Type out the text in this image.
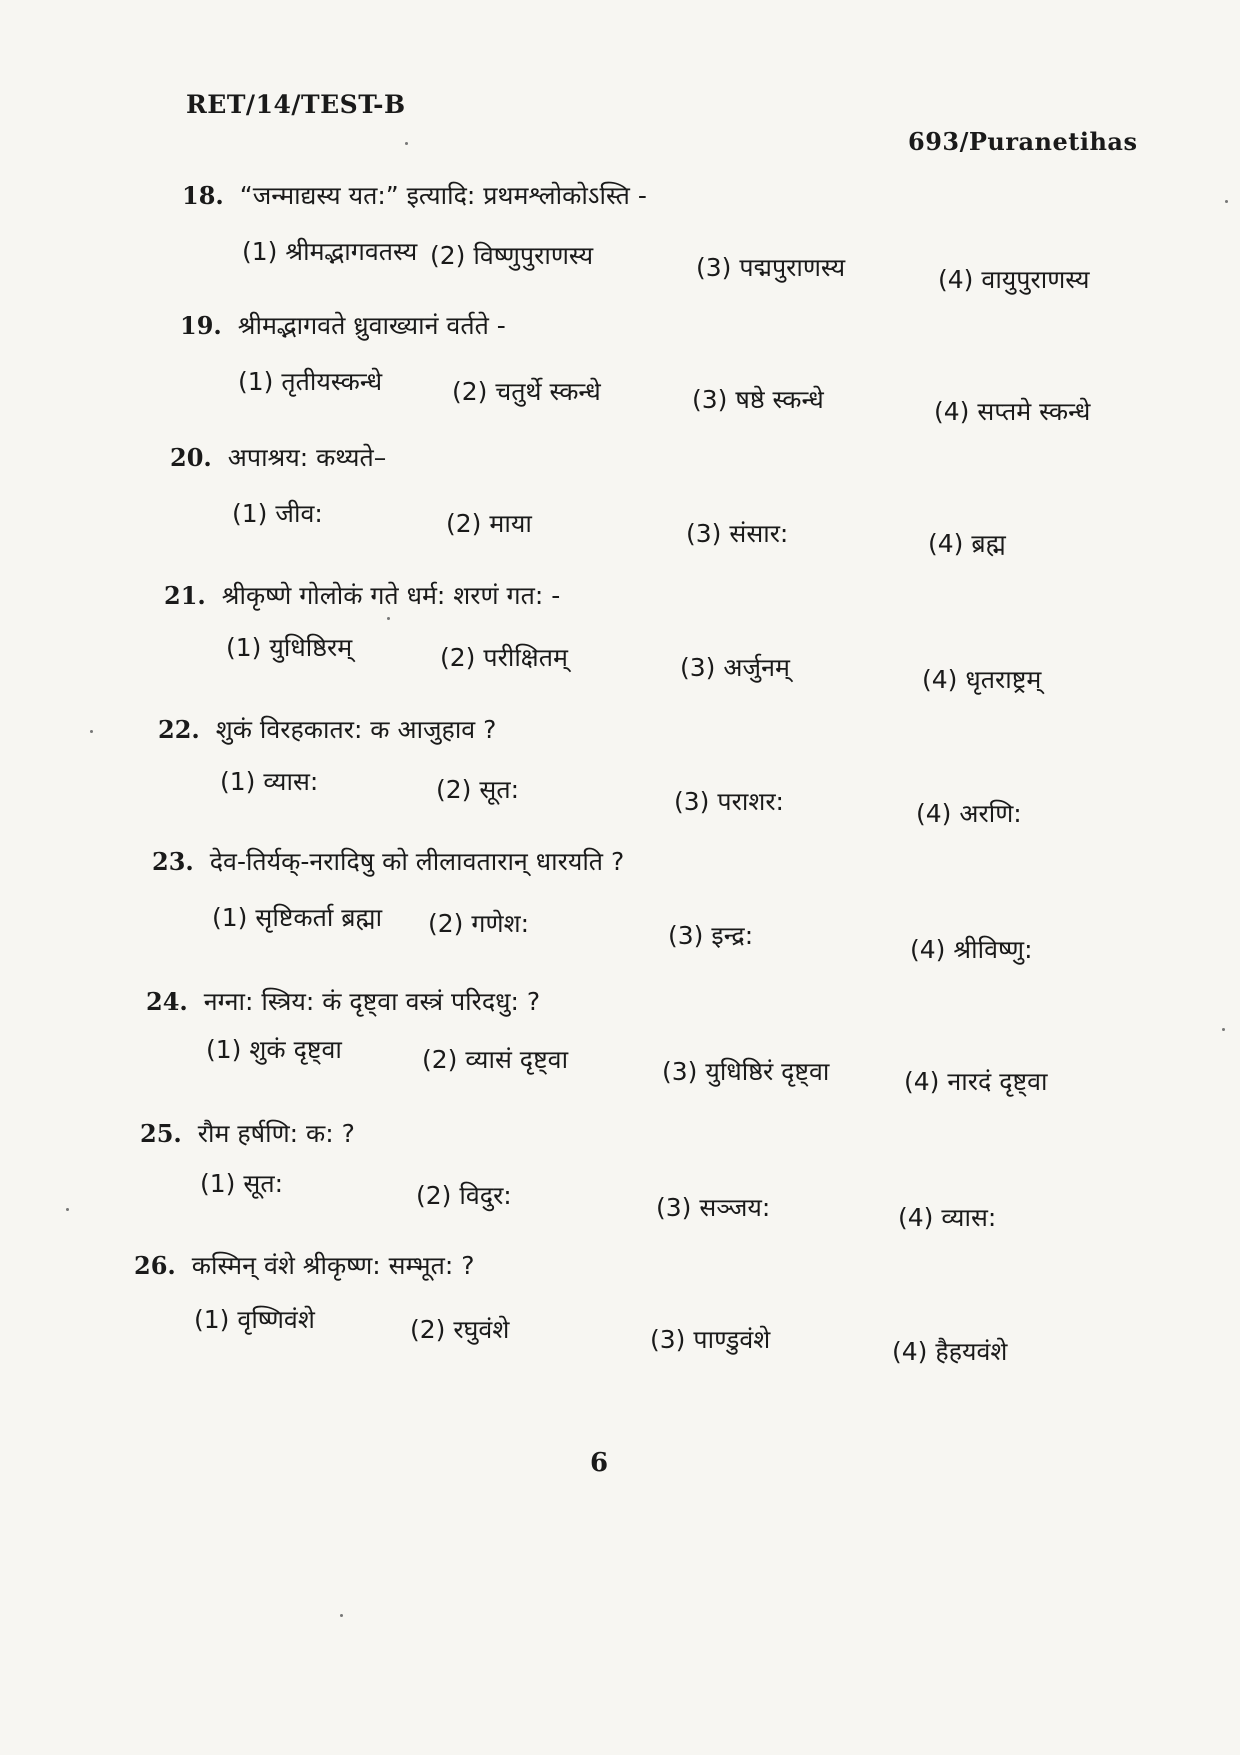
RET/14/TEST-B
693/Puranetihas
18. “जन्माद्यस्य यत:” इत्यादि: प्रथमश्लोकोऽस्ति -
(1) श्रीमद्भागवतस्य (2) विष्णुपुराणस्य	(3) पद्मपुराणस्य	(4) वायुपुराणस्य
19. श्रीमद्भागवते ध्रुवाख्यानं वर्तते -
(1) तृतीयस्कन्धे	(2) चतुर्थे स्कन्धे	(3) षष्ठे स्कन्धे	(4) सप्तमे स्कन्धे
20. अपाश्रय: कथ्यते–
(1) जीव:	(2) माया	(3) संसार:	(4) ब्रह्म
21. श्रीकृष्णे गोलोकं गते धर्म: शरणं गत: -
(1) युधिष्ठिरम्	(2) परीक्षितम्	(3) अर्जुनम्	(4) धृतराष्ट्रम्
22. शुकं विरहकातर: क आजुहाव ?
(1) व्यास:	(2) सूत:	(3) पराशर:	(4) अरणि:
23. देव-तिर्यक्-नरादिषु को लीलावतारान् धारयति ?
(1) सृष्टिकर्ता ब्रह्मा (2) गणेश:	(3) इन्द्र:	(4) श्रीविष्णु:
24. नग्ना: स्त्रिय: कं दृष्ट्वा वस्त्रं परिदधु: ?
(1) शुकं दृष्ट्वा	(2) व्यासं दृष्ट्वा	(3) युधिष्ठिरं दृष्ट्वा	(4) नारदं दृष्ट्वा
25. रौम हर्षणि: क: ?
(1) सूत:	(2) विदुर:	(3) सञ्जय:	(4) व्यास:
26. कस्मिन् वंशे श्रीकृष्ण: सम्भूत: ?
(1) वृष्णिवंशे	(2) रघुवंशे	(3) पाण्डुवंशे	(4) हैहयवंशे
6
